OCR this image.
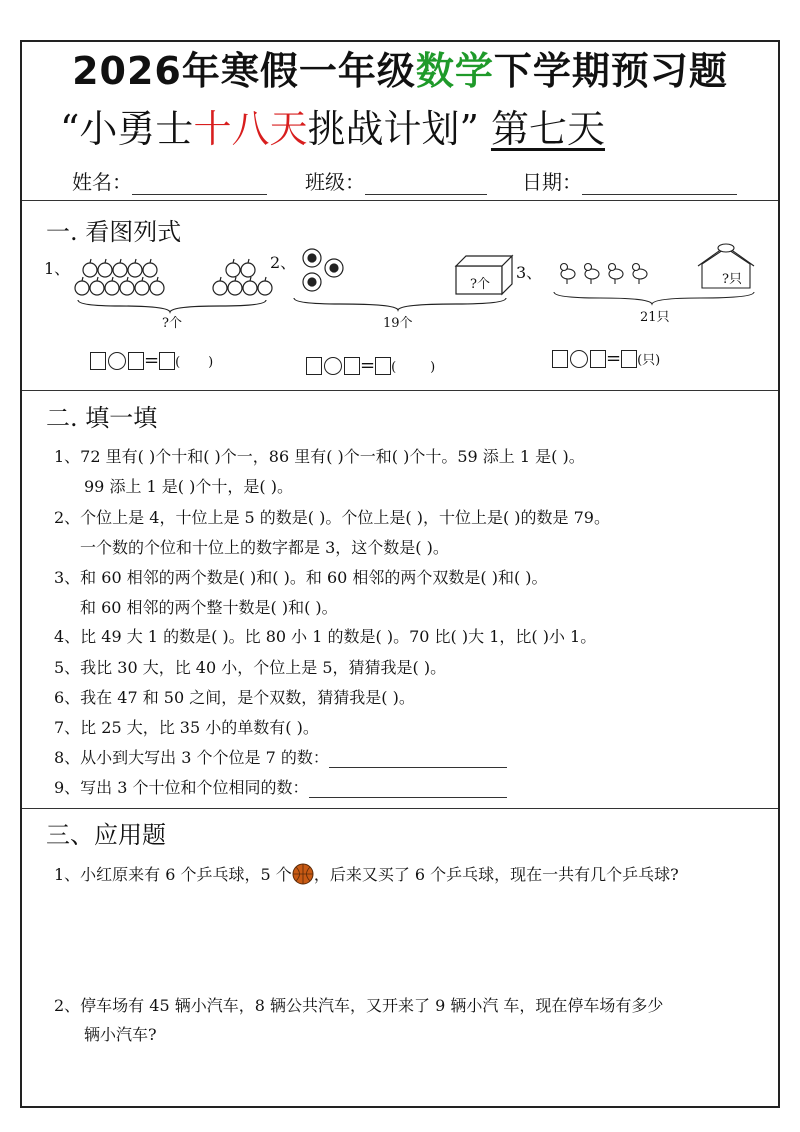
2026年寒假一年级数学下学期预习题
“小勇士十八天挑战计划” 第七天
姓名：	班级：	日期：
一. 看图列式
1、
?个
2、
?个
19个
3、	?只
21只
= ( )	= (	)	= (只)
二. 填一填
1、72 里有( )个十和( )个一，86 里有( )个一和( )个十。59 添上 1 是( )。
99 添上 1 是( )个十，是( )。
2、个位上是 4，十位上是 5 的数是( )。个位上是( )，十位上是( )的数是 79。
一个数的个位和十位上的数字都是 3，这个数是( )。
3、和 60 相邻的两个数是( )和( )。和 60 相邻的两个双数是( )和( )。
和 60 相邻的两个整十数是( )和( )。
4、比 49 大 1 的数是( )。比 80 小 1 的数是( )。70 比( )大 1，比( )小 1。
5、我比 30 大，比 40 小，个位上是 5，猜猜我是( )。
6、我在 47 和 50 之间，是个双数，猜猜我是( )。
7、比 25 大，比 35 小的单数有( )。
8、从小到大写出 3 个个位是 7 的数：
9、写出 3 个十位和个位相同的数：
三、应用题
1、小红原来有 6 个乒乓球，5 个 ，后来又买了 6 个乒乓球，现在一共有几个乒乓球?
2、停车场有 45 辆小汽车，8 辆公共汽车，又开来了 9 辆小汽 车，现在停车场有多少
辆小汽车?
